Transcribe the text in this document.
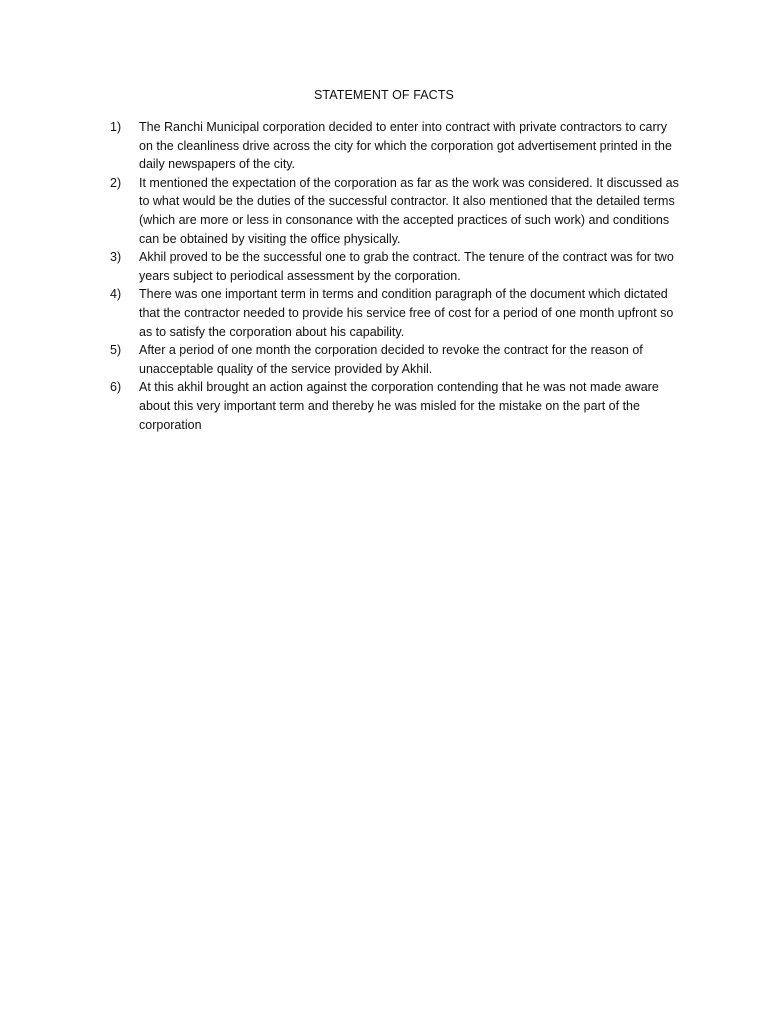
STATEMENT OF FACTS
1)	The Ranchi Municipal corporation decided to enter into contract with private contractors to carry on the cleanliness drive across the city for which the corporation got advertisement printed in the daily newspapers of the city.
2)	It mentioned the expectation of the corporation as far as the work was considered. It discussed as to what would be the duties of the successful contractor. It also mentioned that the detailed terms (which are more or less in consonance with the accepted practices of such work) and conditions can be obtained by visiting the office physically.
3)	Akhil proved to be the successful one to grab the contract. The tenure of the contract was for two years subject to periodical assessment by the corporation.
4)	There was one important term in terms and condition paragraph of the document which dictated that the contractor needed to provide his service free of cost for a period of one month upfront so as to satisfy the corporation about his capability.
5)	After a period of one month the corporation decided to revoke the contract for the reason of unacceptable quality of the service provided by Akhil.
6)	At this akhil brought an action against the corporation contending that he was not made aware about this very important term and thereby he was misled for the mistake on the part of the corporation
